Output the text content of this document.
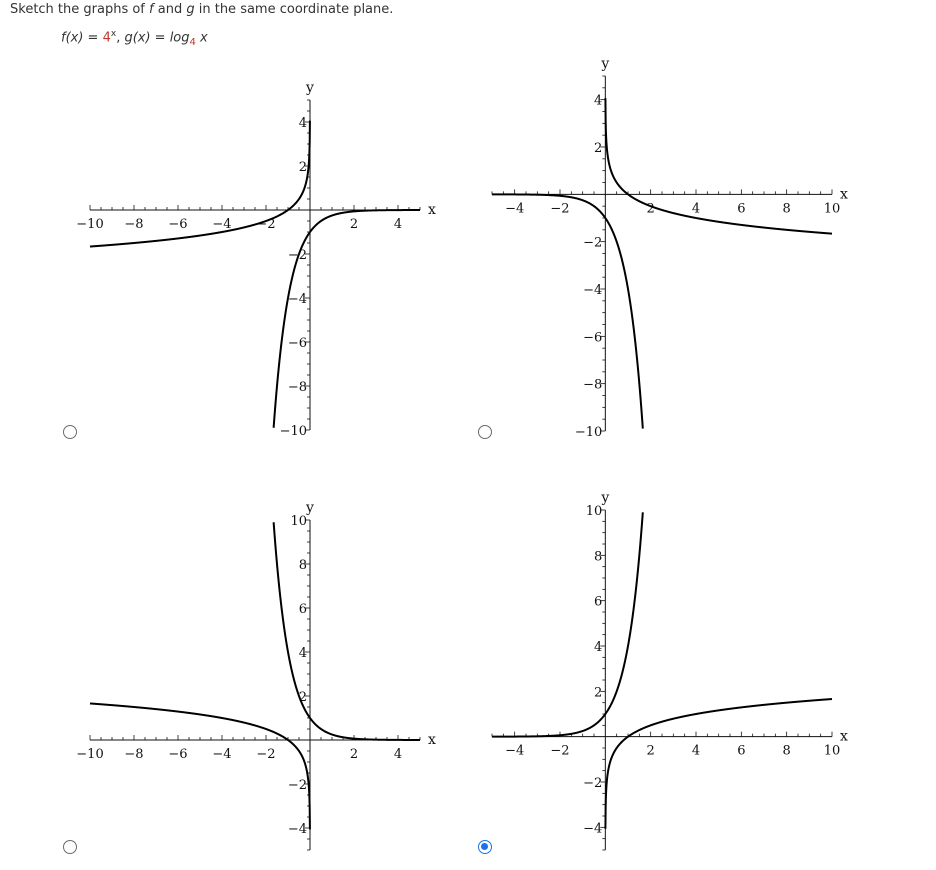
Sketch the graphs of f and g in the same coordinate plane.
$f(x) = 4^x$, $g(x) = \log_4 x$
−10 −8 −6 −4 −2	2	4
−10
−8
−6
−4
−2
2
4
x
y
−4 −2	2	4	6	8	10
−10
−8
−6
−4
−2
2
4
x
y
−10 −8 −6 −4 −2	2	4
−4
−2
2
4
6
8
10
x
y
−4 −2	2	4	6	8	10
−4
−2
2
4
6
8
10
x
y
